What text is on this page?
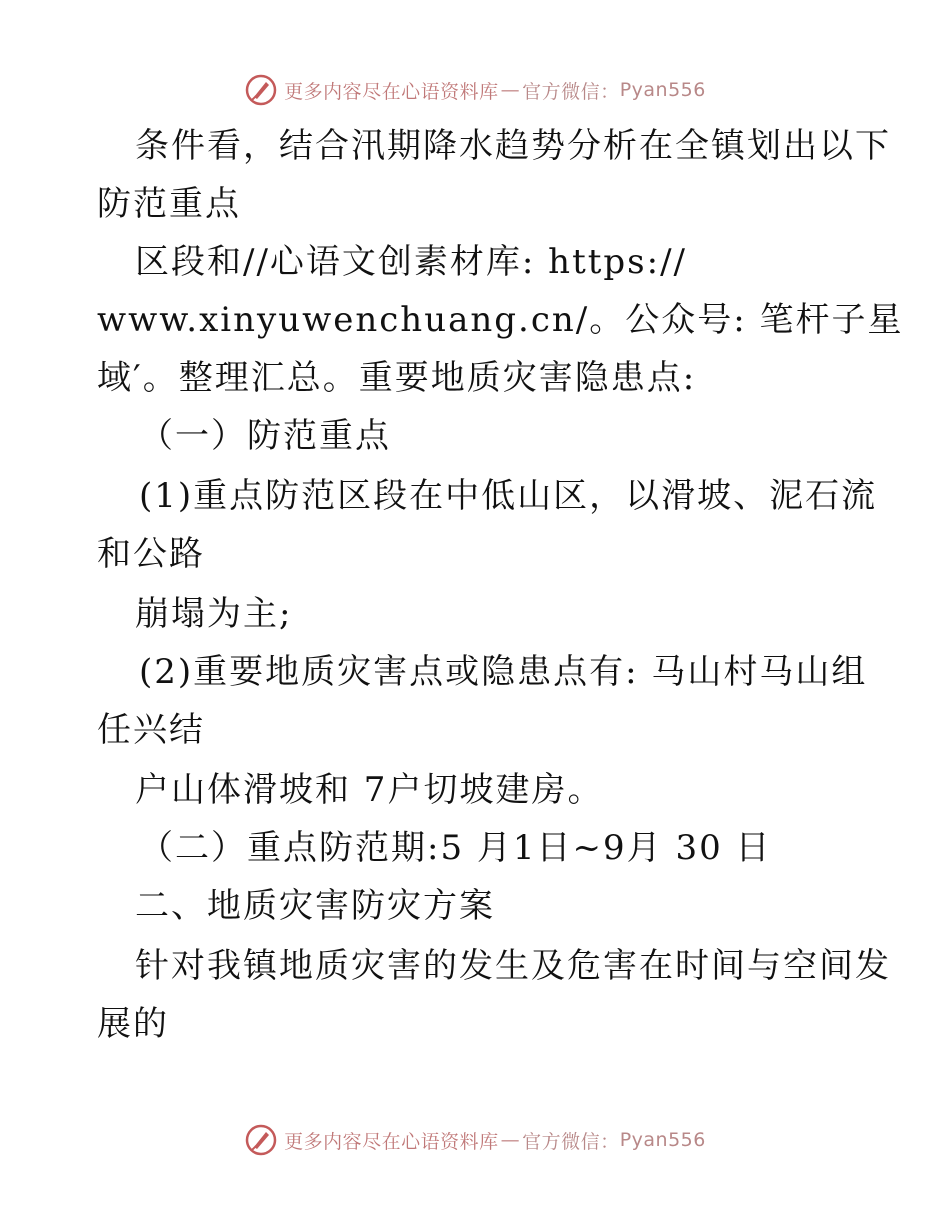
更多内容尽在心语资料库 — 官方微信： Pyan556
条件看，结合汛期降水趋势分析在全镇划出以下
防范重点
区段和//心语文创素材库: https://
www.xinyuwenchuang.cn/。公众号: 笔杆子星
域′。整理汇总。重要地质灾害隐患点:
（一）防范重点
(1)重点防范区段在中低山区，以滑坡、泥石流
和公路
崩塌为主;
(2)重要地质灾害点或隐患点有: 马山村马山组
任兴结
户山体滑坡和 7户切坡建房。
（二）重点防范期:5 月1日~9月 30 日
二、地质灾害防灾方案
针对我镇地质灾害的发生及危害在时间与空间发
展的
更多内容尽在心语资料库 — 官方微信： Pyan556
